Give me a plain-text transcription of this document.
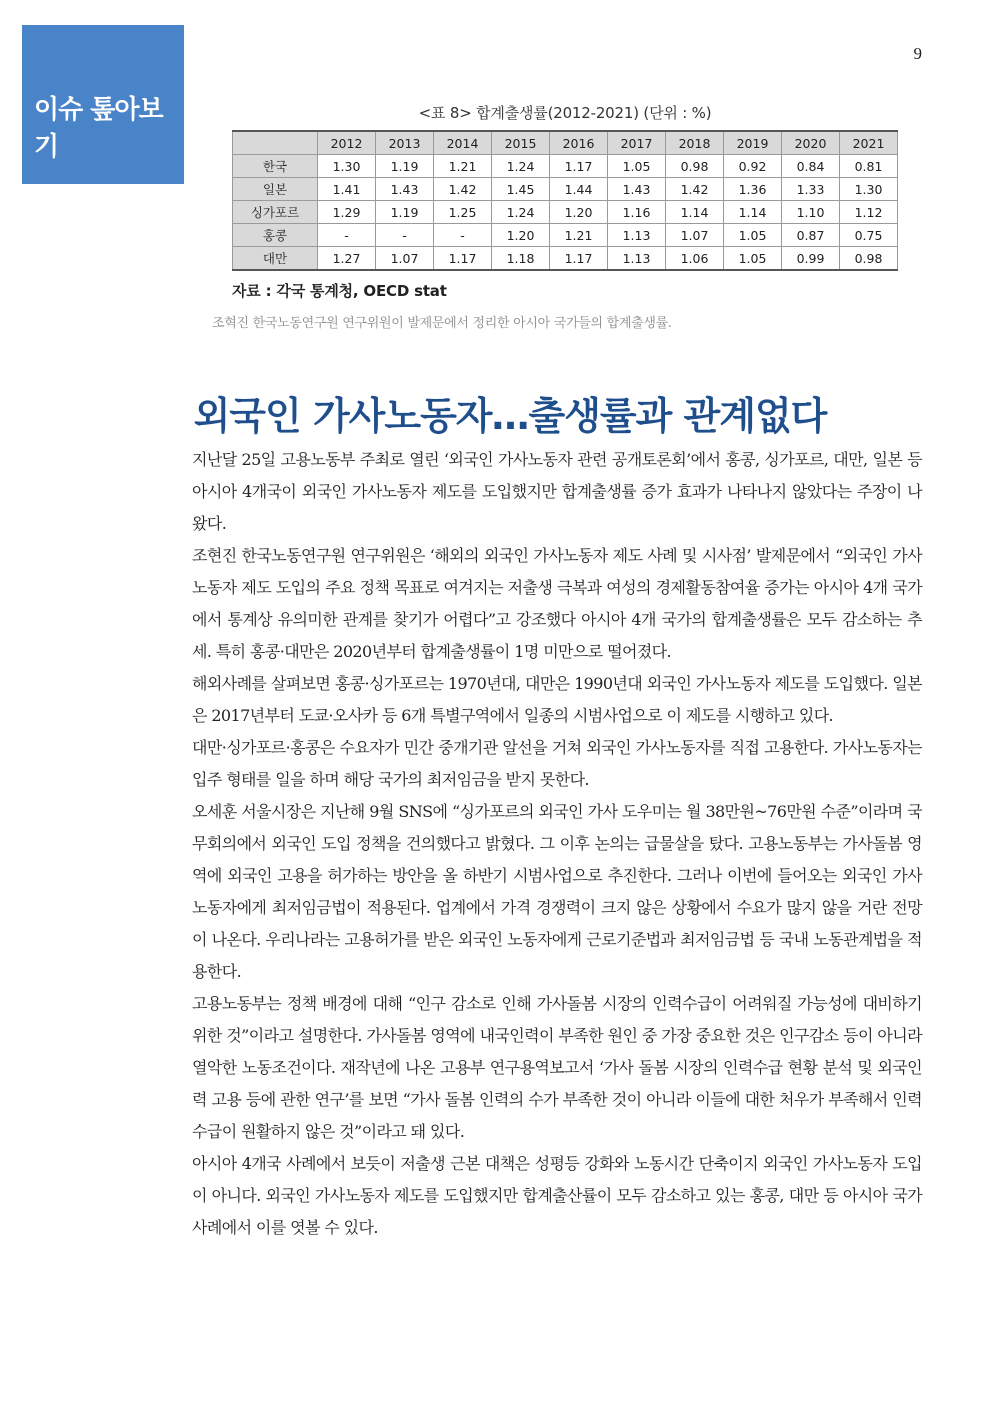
이슈 톺아보기
9
<표 8> 합계출생률(2012-2021) (단위 : %)
	2012	2013	2014	2015	2016	2017	2018	2019	2020	2021
한국	1.30	1.19	1.21	1.24	1.17	1.05	0.98	0.92	0.84	0.81
일본	1.41	1.43	1.42	1.45	1.44	1.43	1.42	1.36	1.33	1.30
싱가포르	1.29	1.19	1.25	1.24	1.20	1.16	1.14	1.14	1.10	1.12
홍콩	-	-	-	1.20	1.21	1.13	1.07	1.05	0.87	0.75
대만	1.27	1.07	1.17	1.18	1.17	1.13	1.06	1.05	0.99	0.98
자료 : 각국 통계청, OECD stat
조혁진 한국노동연구원 연구위원이 발제문에서 정리한 아시아 국가들의 합계출생률.
외국인 가사노동자…출생률과 관계없다

지난달 25일 고용노동부 주최로 열린 ‘외국인 가사노동자 관련 공개토론회’에서 홍콩, 싱가포르, 대만, 일본 등 아시아 4개국이 외국인 가사노동자 제도를 도입했지만 합계출생률 증가 효과가 나타나지 않았다는 주장이 나왔다.

조현진 한국노동연구원 연구위원은 ‘해외의 외국인 가사노동자 제도 사례 및 시사점’ 발제문에서 “외국인 가사노동자 제도 도입의 주요 정책 목표로 여겨지는 저출생 극복과 여성의 경제활동참여율 증가는 아시아 4개 국가에서 통계상 유의미한 관계를 찾기가 어렵다”고 강조했다 아시아 4개 국가의 합계출생률은 모두 감소하는 추세. 특히 홍콩·대만은 2020년부터 합계출생률이 1명 미만으로 떨어졌다.

해외사례를 살펴보면 홍콩·싱가포르는 1970년대, 대만은 1990년대 외국인 가사노동자 제도를 도입했다. 일본은 2017년부터 도쿄·오사카 등 6개 특별구역에서 일종의 시범사업으로 이 제도를 시행하고 있다.

대만·싱가포르·홍콩은 수요자가 민간 중개기관 알선을 거쳐 외국인 가사노동자를 직접 고용한다. 가사노동자는 입주 형태를 일을 하며 해당 국가의 최저임금을 받지 못한다.

오세훈 서울시장은 지난해 9월 SNS에 “싱가포르의 외국인 가사 도우미는 월 38만원~76만원 수준”이라며 국무회의에서 외국인 도입 정책을 건의했다고 밝혔다. 그 이후 논의는 급물살을 탔다. 고용노동부는 가사돌봄 영역에 외국인 고용을 허가하는 방안을 올 하반기 시범사업으로 추진한다. 그러나 이번에 들어오는 외국인 가사 노동자에게 최저임금법이 적용된다. 업계에서 가격 경쟁력이 크지 않은 상황에서 수요가 많지 않을 거란 전망이 나온다. 우리나라는 고용허가를 받은 외국인 노동자에게 근로기준법과 최저임금법 등 국내 노동관계법을 적용한다.

고용노동부는 정책 배경에 대해 “인구 감소로 인해 가사돌봄 시장의 인력수급이 어려워질 가능성에 대비하기 위한 것”이라고 설명한다. 가사돌봄 영역에 내국인력이 부족한 원인 중 가장 중요한 것은 인구감소 등이 아니라 열악한 노동조건이다. 재작년에 나온 고용부 연구용역보고서 ‘가사 돌봄 시장의 인력수급 현황 분석 및 외국인력 고용 등에 관한 연구’를 보면 “가사 돌봄 인력의 수가 부족한 것이 아니라 이들에 대한 처우가 부족해서 인력 수급이 원활하지 않은 것”이라고 돼 있다.

아시아 4개국 사례에서 보듯이 저출생 근본 대책은 성평등 강화와 노동시간 단축이지 외국인 가사노동자 도입이 아니다. 외국인 가사노동자 제도를 도입했지만 합계출산률이 모두 감소하고 있는 홍콩, 대만 등 아시아 국가 사례에서 이를 엿볼 수 있다.
